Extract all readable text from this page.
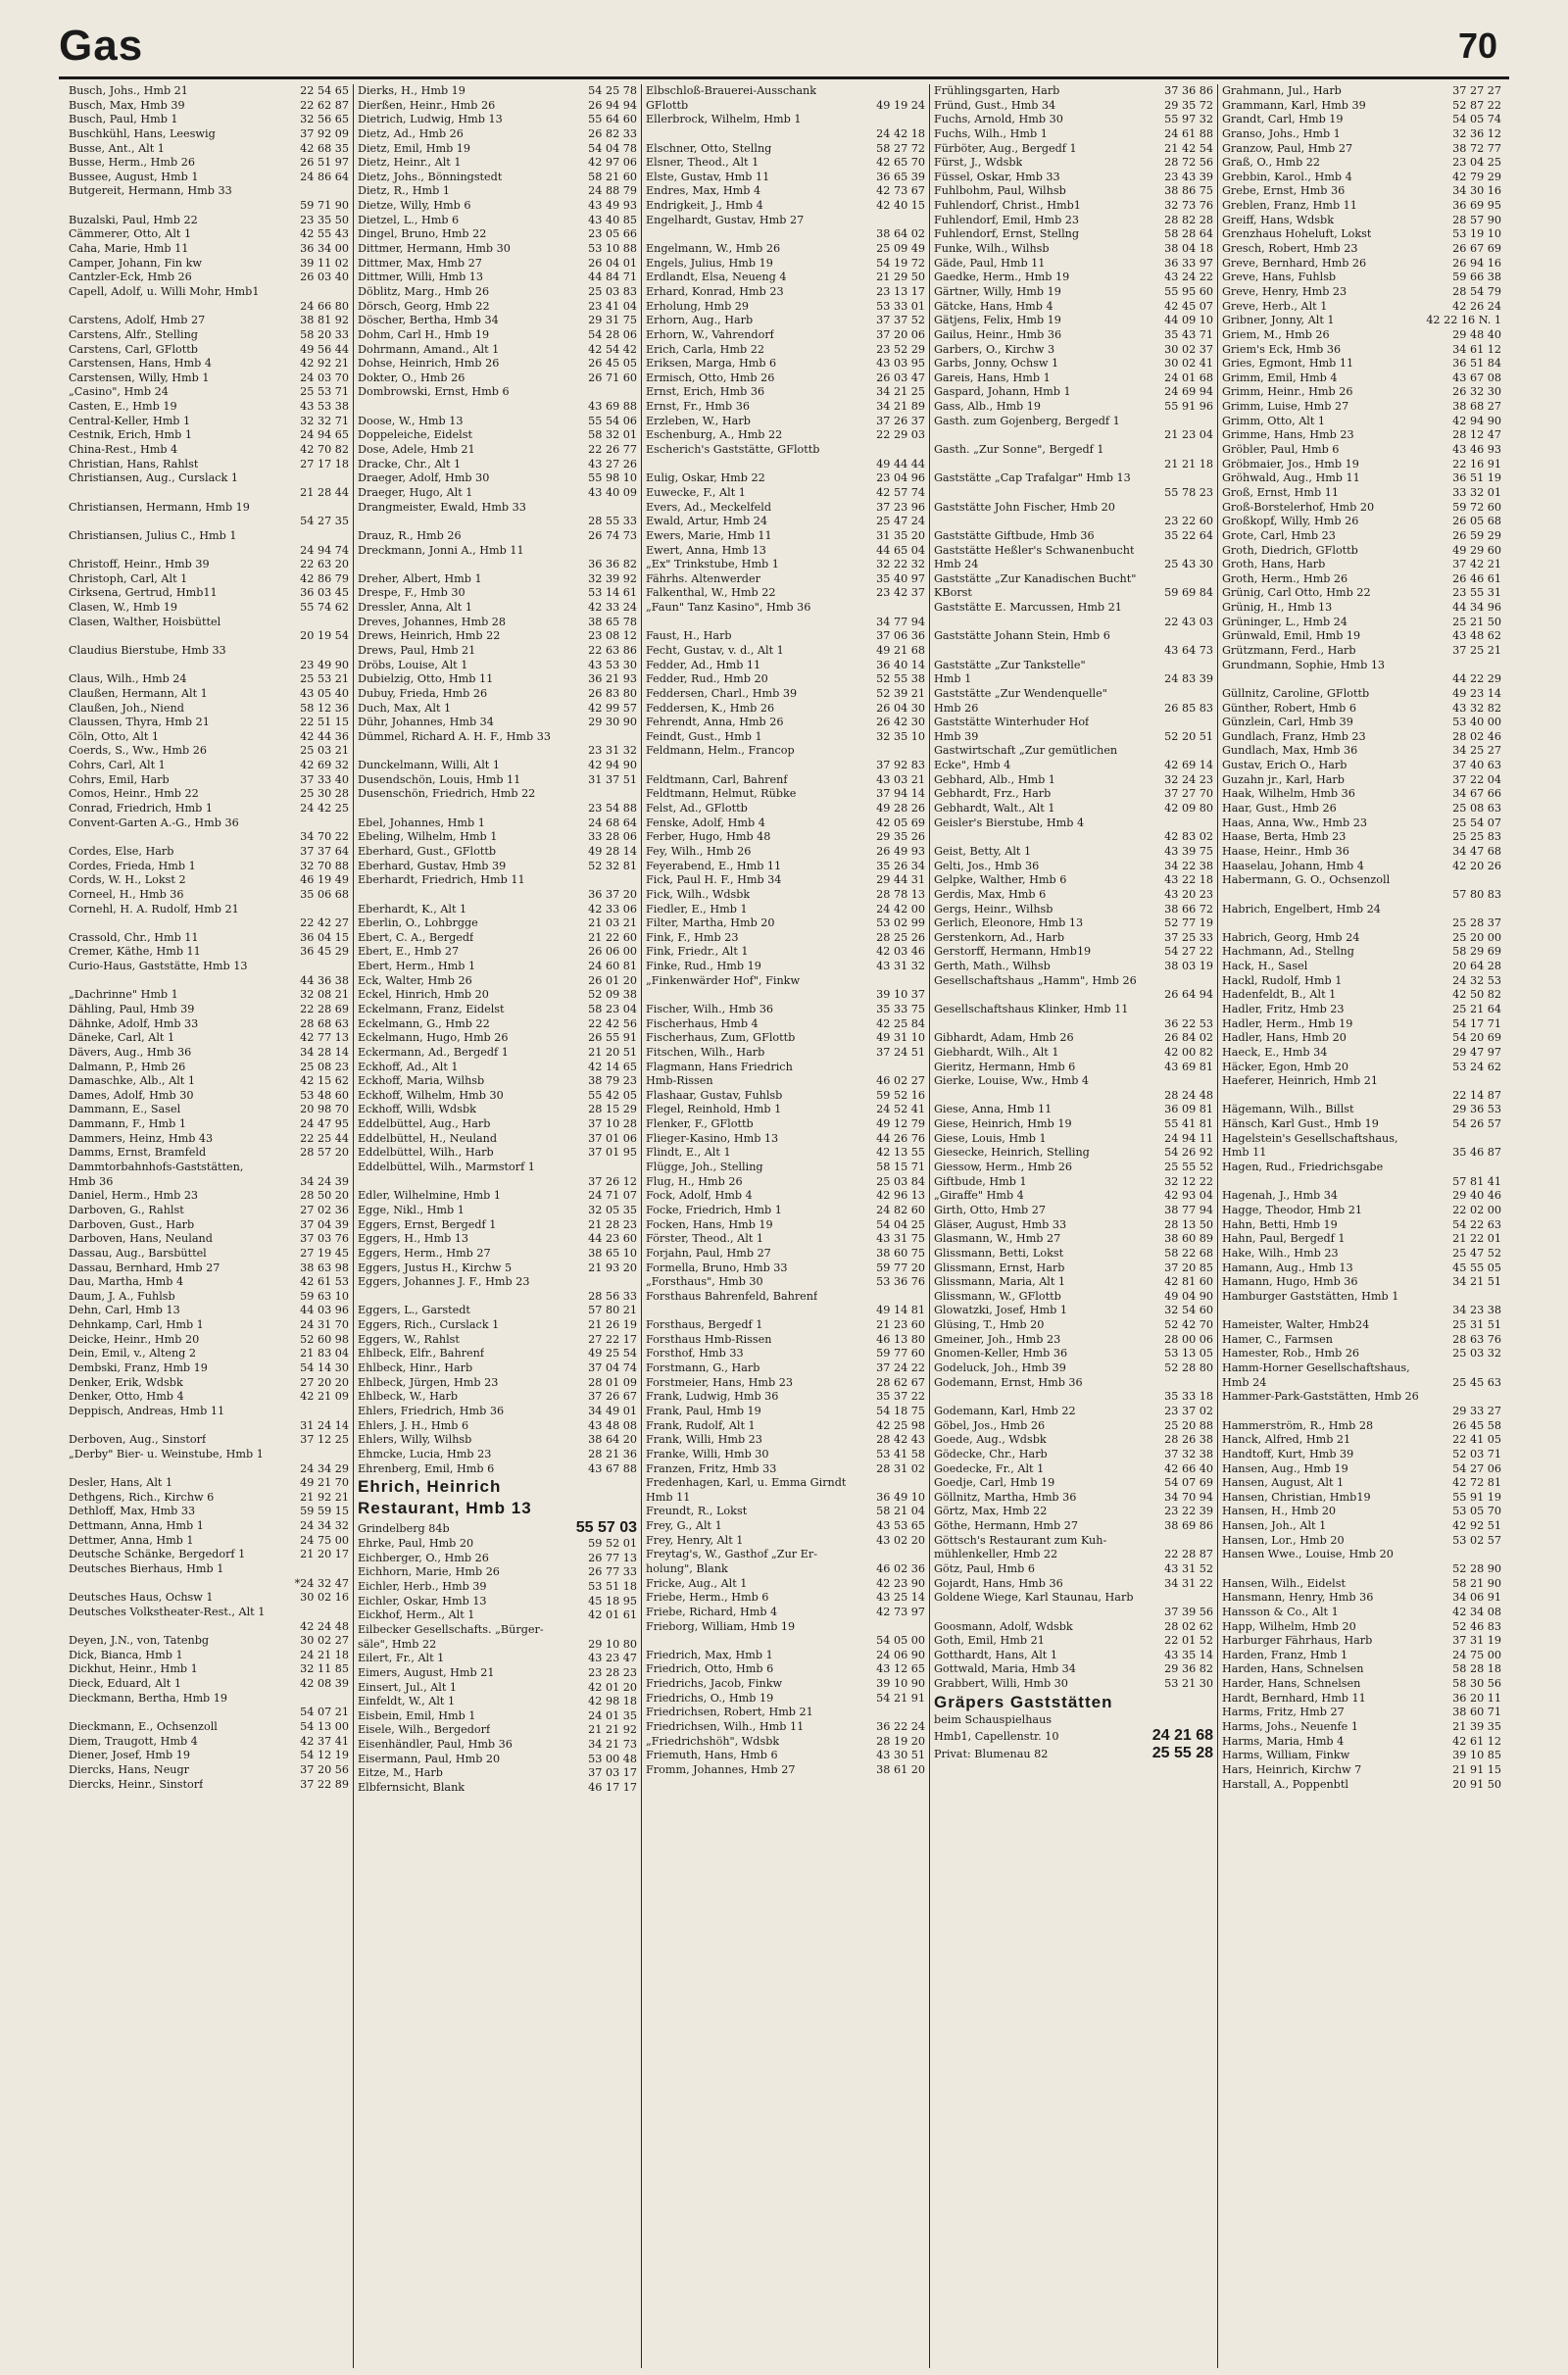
Gas	70
Busch, Johs., Hmb 21	22 54 65
Busch, Max, Hmb 39	22 62 87
Busch, Paul, Hmb 1	32 56 65
Buschkühl, Hans, Leeswig	37 92 09
Busse, Ant., Alt 1	42 68 35
Busse, Herm., Hmb 26	26 51 97
Bussee, August, Hmb 1	24 86 64
Butgereit, Hermann, Hmb 33
59 71 90
Buzalski, Paul, Hmb 22	23 35 50
Cämmerer, Otto, Alt 1	42 55 43
Caha, Marie, Hmb 11	36 34 00
Camper, Johann, Fin kw	39 11 02
Cantzler-Eck, Hmb 26	26 03 40
Capell, Adolf, u. Willi Mohr, Hmb1
24 66 80
Carstens, Adolf, Hmb 27	38 81 92
Carstens, Alfr., Stelling	58 20 33
Carstens, Carl, GFlottb	49 56 44
Carstensen, Hans, Hmb 4	42 92 21
Carstensen, Willy, Hmb 1	24 03 70
„Casino", Hmb 24	25 53 71
Casten, E., Hmb 19	43 53 38
Central-Keller, Hmb 1	32 32 71
Cestnik, Erich, Hmb 1	24 94 65
China-Rest., Hmb 4	42 70 82
Christian, Hans, Rahlst	27 17 18
Christiansen, Aug., Curslack 1
21 28 44
Christiansen, Hermann, Hmb 19
54 27 35
Christiansen, Julius C., Hmb 1
24 94 74
Christoff, Heinr., Hmb 39	22 63 20
Christoph, Carl, Alt 1	42 86 79
Cirksena, Gertrud, Hmb11	36 03 45
Clasen, W., Hmb 19	55 74 62
Clasen, Walther, Hoisbüttel
20 19 54
Claudius Bierstube, Hmb 33
23 49 90
Claus, Wilh., Hmb 24	25 53 21
Claußen, Hermann, Alt 1	43 05 40
Claußen, Joh., Niend	58 12 36
Claussen, Thyra, Hmb 21	22 51 15
Cöln, Otto, Alt 1	42 44 36
Coerds, S., Ww., Hmb 26	25 03 21
Cohrs, Carl, Alt 1	42 69 32
Cohrs, Emil, Harb	37 33 40
Comos, Heinr., Hmb 22	25 30 28
Conrad, Friedrich, Hmb 1	24 42 25
Convent-Garten A.-G., Hmb 36
34 70 22
Cordes, Else, Harb	37 37 64
Cordes, Frieda, Hmb 1	32 70 88
Cords, W. H., Lokst 2	46 19 49
Corneel, H., Hmb 36	35 06 68
Cornehl, H. A. Rudolf, Hmb 21
22 42 27
Crassold, Chr., Hmb 11	36 04 15
Cremer, Käthe, Hmb 11	36 45 29
Curio-Haus, Gaststätte, Hmb 13
44 36 38
„Dachrinne" Hmb 1	32 08 21
Dähling, Paul, Hmb 39	22 28 69
Dähnke, Adolf, Hmb 33	28 68 63
Däneke, Carl, Alt 1	42 77 13
Dävers, Aug., Hmb 36	34 28 14
Dalmann, P., Hmb 26	25 08 23
Damaschke, Alb., Alt 1	42 15 62
Dames, Adolf, Hmb 30	53 48 60
Dammann, E., Sasel	20 98 70
Dammann, F., Hmb 1	24 47 95
Dammers, Heinz, Hmb 43	22 25 44
Damms, Ernst, Bramfeld	28 57 20
Dammtorbahnhofs-Gaststätten,
Hmb 36	34 24 39
Daniel, Herm., Hmb 23	28 50 20
Darboven, G., Rahlst	27 02 36
Darboven, Gust., Harb	37 04 39
Darboven, Hans, Neuland	37 03 76
Dassau, Aug., Barsbüttel	27 19 45
Dassau, Bernhard, Hmb 27	38 63 98
Dau, Martha, Hmb 4	42 61 53
Daum, J. A., Fuhlsb	59 63 10
Dehn, Carl, Hmb 13	44 03 96
Dehnkamp, Carl, Hmb 1	24 31 70
Deicke, Heinr., Hmb 20	52 60 98
Dein, Emil, v., Alteng 2	21 83 04
Dembski, Franz, Hmb 19	54 14 30
Denker, Erik, Wdsbk	27 20 20
Denker, Otto, Hmb 4	42 21 09
Deppisch, Andreas, Hmb 11
31 24 14
Derboven, Aug., Sinstorf	37 12 25
„Derby" Bier- u. Weinstube, Hmb 1
24 34 29
Desler, Hans, Alt 1	49 21 70
Dethgens, Rich., Kirchw 6	21 92 21
Dethloff, Max, Hmb 33	59 59 15
Dettmann, Anna, Hmb 1	24 34 32
Dettmer, Anna, Hmb 1	24 75 00
Deutsche Schänke, Bergedorf 1	21 20 17
Deutsches Bierhaus, Hmb 1
*24 32 47
Deutsches Haus, Ochsw 1	30 02 16
Deutsches Volkstheater-Rest., Alt 1
42 24 48
Deyen, J.N., von, Tatenbg	30 02 27
Dick, Bianca, Hmb 1	24 21 18
Dickhut, Heinr., Hmb 1	32 11 85
Dieck, Eduard, Alt 1	42 08 39
Dieckmann, Bertha, Hmb 19
54 07 21
Dieckmann, E., Ochsenzoll	54 13 00
Diem, Traugott, Hmb 4	42 37 41
Diener, Josef, Hmb 19	54 12 19
Diercks, Hans, Neugr	37 20 56
Diercks, Heinr., Sinstorf	37 22 89
Dierks, H., Hmb 19	54 25 78
Dierßen, Heinr., Hmb 26	26 94 94
Dietrich, Ludwig, Hmb 13	55 64 60
Dietz, Ad., Hmb 26	26 82 33
Dietz, Emil, Hmb 19	54 04 78
Dietz, Heinr., Alt 1	42 97 06
Dietz, Johs., Bönningstedt	58 21 60
Dietz, R., Hmb 1	24 88 79
Dietze, Willy, Hmb 6	43 49 93
Dietzel, L., Hmb 6	43 40 85
Dingel, Bruno, Hmb 22	23 05 66
Dittmer, Hermann, Hmb 30	53 10 88
Dittmer, Max, Hmb 27	26 04 01
Dittmer, Willi, Hmb 13	44 84 71
Döblitz, Marg., Hmb 26	25 03 83
Dörsch, Georg, Hmb 22	23 41 04
Döscher, Bertha, Hmb 34	29 31 75
Dohm, Carl H., Hmb 19	54 28 06
Dohrmann, Amand., Alt 1	42 54 42
Dohse, Heinrich, Hmb 26	26 45 05
Dokter, O., Hmb 26	26 71 60
Dombrowski, Ernst, Hmb 6
43 69 88
Doose, W., Hmb 13	55 54 06
Doppeleiche, Eidelst	58 32 01
Dose, Adele, Hmb 21	22 26 77
Dracke, Chr., Alt 1	43 27 26
Draeger, Adolf, Hmb 30	55 98 10
Draeger, Hugo, Alt 1	43 40 09
Drangmeister, Ewald, Hmb 33
28 55 33
Drauz, R., Hmb 26	26 74 73
Dreckmann, Jonni A., Hmb 11
36 36 82
Dreher, Albert, Hmb 1	32 39 92
Drespe, F., Hmb 30	53 14 61
Dressler, Anna, Alt 1	42 33 24
Dreves, Johannes, Hmb 28	38 65 78
Drews, Heinrich, Hmb 22	23 08 12
Drews, Paul, Hmb 21	22 63 86
Dröbs, Louise, Alt 1	43 53 30
Dubielzig, Otto, Hmb 11	36 21 93
Dubuy, Frieda, Hmb 26	26 83 80
Duch, Max, Alt 1	42 99 57
Dühr, Johannes, Hmb 34	29 30 90
Dümmel, Richard A. H. F., Hmb 33
23 31 32
Dunckelmann, Willi, Alt 1	42 94 90
Dusendschön, Louis, Hmb 11	31 37 51
Dusenschön, Friedrich, Hmb 22
23 54 88
Ebel, Johannes, Hmb 1	24 68 64
Ebeling, Wilhelm, Hmb 1	33 28 06
Eberhard, Gust., GFlottb	49 28 14
Eberhard, Gustav, Hmb 39	52 32 81
Eberhardt, Friedrich, Hmb 11
36 37 20
Eberhardt, K., Alt 1	42 33 06
Eberlin, O., Lohbrgge	21 03 21
Ebert, C. A., Bergedf	21 22 60
Ebert, E., Hmb 27	26 06 00
Ebert, Herm., Hmb 1	24 60 81
Eck, Walter, Hmb 26	26 01 20
Eckel, Hinrich, Hmb 20	52 09 38
Eckelmann, Franz, Eidelst	58 23 04
Eckelmann, G., Hmb 22	22 42 56
Eckelmann, Hugo, Hmb 26	26 55 91
Eckermann, Ad., Bergedf 1	21 20 51
Eckhoff, Ad., Alt 1	42 14 65
Eckhoff, Maria, Wilhsb	38 79 23
Eckhoff, Wilhelm, Hmb 30	55 42 05
Eckhoff, Willi, Wdsbk	28 15 29
Eddelbüttel, Aug., Harb	37 10 28
Eddelbüttel, H., Neuland	37 01 06
Eddelbüttel, Wilh., Harb	37 01 95
Eddelbüttel, Wilh., Marmstorf 1
37 26 12
Edler, Wilhelmine, Hmb 1	24 71 07
Egge, Nikl., Hmb 1	32 05 35
Eggers, Ernst, Bergedf 1	21 28 23
Eggers, H., Hmb 13	44 23 60
Eggers, Herm., Hmb 27	38 65 10
Eggers, Justus H., Kirchw 5	21 93 20
Eggers, Johannes J. F., Hmb 23
28 56 33
Eggers, L., Garstedt	57 80 21
Eggers, Rich., Curslack 1	21 26 19
Eggers, W., Rahlst	27 22 17
Ehlbeck, Elfr., Bahrenf	49 25 54
Ehlbeck, Hinr., Harb	37 04 74
Ehlbeck, Jürgen, Hmb 23	28 01 09
Ehlbeck, W., Harb	37 26 67
Ehlers, Friedrich, Hmb 36	34 49 01
Ehlers, J. H., Hmb 6	43 48 08
Ehlers, Willy, Wilhsb	38 64 20
Ehmcke, Lucia, Hmb 23	28 21 36
Ehrenberg, Emil, Hmb 6	43 67 88
Ehrich, Heinrich
Restaurant, Hmb 13
Grindelberg 84b	55 57 03
Ehrke, Paul, Hmb 20	59 52 01
Eichberger, O., Hmb 26	26 77 13
Eichhorn, Marie, Hmb 26	26 77 33
Eichler, Herb., Hmb 39	53 51 18
Eichler, Oskar, Hmb 13	45 18 95
Eickhof, Herm., Alt 1	42 01 61
Eilbecker Gesellschafts. „Bürger-
säle", Hmb 22	29 10 80
Eilert, Fr., Alt 1	43 23 47
Eimers, August, Hmb 21	23 28 23
Einsert, Jul., Alt 1	42 01 20
Einfeldt, W., Alt 1	42 98 18
Eisbein, Emil, Hmb 1	24 01 35
Eisele, Wilh., Bergedorf	21 21 92
Eisenhändler, Paul, Hmb 36	34 21 73
Eisermann, Paul, Hmb 20	53 00 48
Eitze, M., Harb	37 03 17
Elbfernsicht, Blank	46 17 17
Elbschloß-Brauerei-Ausschank
GFlottb	49 19 24
Ellerbrock, Wilhelm, Hmb 1
24 42 18
Elschner, Otto, Stellng	58 27 72
Elsner, Theod., Alt 1	42 65 70
Elste, Gustav, Hmb 11	36 65 39
Endres, Max, Hmb 4	42 73 67
Endrigkeit, J., Hmb 4	42 40 15
Engelhardt, Gustav, Hmb 27
38 64 02
Engelmann, W., Hmb 26	25 09 49
Engels, Julius, Hmb 19	54 19 72
Erdlandt, Elsa, Neueng 4	21 29 50
Erhard, Konrad, Hmb 23	23 13 17
Erholung, Hmb 29	53 33 01
Erhorn, Aug., Harb	37 37 52
Erhorn, W., Vahrendorf	37 20 06
Erich, Carla, Hmb 22	23 52 29
Eriksen, Marga, Hmb 6	43 03 95
Ermisch, Otto, Hmb 26	26 03 47
Ernst, Erich, Hmb 36	34 21 25
Ernst, Fr., Hmb 36	34 21 89
Erzleben, W., Harb	37 26 37
Eschenburg, A., Hmb 22	22 29 03
Escherich's Gaststätte, GFlottb
49 44 44
Eulig, Oskar, Hmb 22	23 04 96
Euwecke, F., Alt 1	42 57 74
Evers, Ad., Meckelfeld	37 23 96
Ewald, Artur, Hmb 24	25 47 24
Ewers, Marie, Hmb 11	31 35 20
Ewert, Anna, Hmb 13	44 65 04
„Ex" Trinkstube, Hmb 1	32 22 32
Fährhs. Altenwerder	35 40 97
Falkenthal, W., Hmb 22	23 42 37
„Faun" Tanz Kasino", Hmb 36
34 77 94
Faust, H., Harb	37 06 36
Fecht, Gustav, v. d., Alt 1	49 21 68
Fedder, Ad., Hmb 11	36 40 14
Fedder, Rud., Hmb 20	52 55 38
Feddersen, Charl., Hmb 39	52 39 21
Feddersen, K., Hmb 26	26 04 30
Fehrendt, Anna, Hmb 26	26 42 30
Feindt, Gust., Hmb 1	32 35 10
Feldmann, Helm., Francop
37 92 83
Feldtmann, Carl, Bahrenf	43 03 21
Feldtmann, Helmut, Rübke	37 94 14
Felst, Ad., GFlottb	49 28 26
Fenske, Adolf, Hmb 4	42 05 69
Ferber, Hugo, Hmb 48	29 35 26
Fey, Wilh., Hmb 26	26 49 93
Feyerabend, E., Hmb 11	35 26 34
Fick, Paul H. F., Hmb 34	29 44 31
Fick, Wilh., Wdsbk	28 78 13
Fiedler, E., Hmb 1	24 42 00
Filter, Martha, Hmb 20	53 02 99
Fink, F., Hmb 23	28 25 26
Fink, Friedr., Alt 1	42 03 46
Finke, Rud., Hmb 19	43 31 32
„Finkenwärder Hof", Finkw
39 10 37
Fischer, Wilh., Hmb 36	35 33 75
Fischerhaus, Hmb 4	42 25 84
Fischerhaus, Zum, GFlottb	49 31 10
Fitschen, Wilh., Harb	37 24 51
Flagmann, Hans Friedrich
Hmb-Rissen	46 02 27
Flashaar, Gustav, Fuhlsb	59 52 16
Flegel, Reinhold, Hmb 1	24 52 41
Flenker, F., GFlottb	49 12 79
Flieger-Kasino, Hmb 13	44 26 76
Flindt, E., Alt 1	42 13 55
Flügge, Joh., Stelling	58 15 71
Flug, H., Hmb 26	25 03 84
Fock, Adolf, Hmb 4	42 96 13
Focke, Friedrich, Hmb 1	24 82 60
Focken, Hans, Hmb 19	54 04 25
Förster, Theod., Alt 1	43 31 75
Forjahn, Paul, Hmb 27	38 60 75
Formella, Bruno, Hmb 33	59 77 20
„Forsthaus", Hmb 30	53 36 76
Forsthaus Bahrenfeld, Bahrenf
49 14 81
Forsthaus, Bergedf 1	21 23 60
Forsthaus Hmb-Rissen	46 13 80
Forsthof, Hmb 33	59 77 60
Forstmann, G., Harb	37 24 22
Forstmeier, Hans, Hmb 23	28 62 67
Frank, Ludwig, Hmb 36	35 37 22
Frank, Paul, Hmb 19	54 18 75
Frank, Rudolf, Alt 1	42 25 98
Frank, Willi, Hmb 23	28 42 43
Franke, Willi, Hmb 30	53 41 58
Franzen, Fritz, Hmb 33	28 31 02
Fredenhagen, Karl, u. Emma Girndt
Hmb 11	36 49 10
Freundt, R., Lokst	58 21 04
Frey, G., Alt 1	43 53 65
Frey, Henry, Alt 1	43 02 20
Freytag's, W., Gasthof „Zur Er-
holung", Blank	46 02 36
Fricke, Aug., Alt 1	42 23 90
Friebe, Herm., Hmb 6	43 25 14
Friebe, Richard, Hmb 4	42 73 97
Frieborg, William, Hmb 19
54 05 00
Friedrich, Max, Hmb 1	24 06 90
Friedrich, Otto, Hmb 6	43 12 65
Friedrichs, Jacob, Finkw	39 10 90
Friedrichs, O., Hmb 19	54 21 91
Friedrichsen, Robert, Hmb 21
Friedrichsen, Wilh., Hmb 11	36 22 24
„Friedrichshöh", Wdsbk	28 19 20
Friemuth, Hans, Hmb 6	43 30 51
Fromm, Johannes, Hmb 27	38 61 20
Frühlingsgarten, Harb	37 36 86
Fründ, Gust., Hmb 34	29 35 72
Fuchs, Arnold, Hmb 30	55 97 32
Fuchs, Wilh., Hmb 1	24 61 88
Fürböter, Aug., Bergedf 1	21 42 54
Fürst, J., Wdsbk	28 72 56
Füssel, Oskar, Hmb 33	23 43 39
Fuhlbohm, Paul, Wilhsb	38 86 75
Fuhlendorf, Christ., Hmb1	32 73 76
Fuhlendorf, Emil, Hmb 23	28 82 28
Fuhlendorf, Ernst, Stellng	58 28 64
Funke, Wilh., Wilhsb	38 04 18
Gäde, Paul, Hmb 11	36 33 97
Gaedke, Herm., Hmb 19	43 24 22
Gärtner, Willy, Hmb 19	55 95 60
Gätcke, Hans, Hmb 4	42 45 07
Gätjens, Felix, Hmb 19	44 09 10
Gailus, Heinr., Hmb 36	35 43 71
Garbers, O., Kirchw 3	30 02 37
Garbs, Jonny, Ochsw 1	30 02 41
Gareis, Hans, Hmb 1	24 01 68
Gaspard, Johann, Hmb 1	24 69 94
Gass, Alb., Hmb 19	55 91 96
Gasth. zum Gojenberg, Bergedf 1
21 23 04
Gasth. „Zur Sonne", Bergedf 1
21 21 18
Gaststätte „Cap Trafalgar" Hmb 13
55 78 23
Gaststätte John Fischer, Hmb 20
23 22 60
Gaststätte Giftbude, Hmb 36	35 22 64
Gaststätte Heßler's Schwanenbucht
Hmb 24	25 43 30
Gaststätte „Zur Kanadischen Bucht"
KBorst	59 69 84
Gaststätte E. Marcussen, Hmb 21
22 43 03
Gaststätte Johann Stein, Hmb 6
43 64 73
Gaststätte „Zur Tankstelle"
Hmb 1	24 83 39
Gaststätte „Zur Wendenquelle"
Hmb 26	26 85 83
Gaststätte Winterhuder Hof
Hmb 39	52 20 51
Gastwirtschaft „Zur gemütlichen
Ecke", Hmb 4	42 69 14
Gebhard, Alb., Hmb 1	32 24 23
Gebhardt, Frz., Harb	37 27 70
Gebhardt, Walt., Alt 1	42 09 80
Geisler's Bierstube, Hmb 4
42 83 02
Geist, Betty, Alt 1	43 39 75
Gelti, Jos., Hmb 36	34 22 38
Gelpke, Walther, Hmb 6	43 22 18
Gerdis, Max, Hmb 6	43 20 23
Gergs, Heinr., Wilhsb	38 66 72
Gerlich, Eleonore, Hmb 13	52 77 19
Gerstenkorn, Ad., Harb	37 25 33
Gerstorff, Hermann, Hmb19	54 27 22
Gerth, Math., Wilhsb	38 03 19
Gesellschaftshaus „Hamm", Hmb 26
26 64 94
Gesellschaftshaus Klinker, Hmb 11
36 22 53
Gibhardt, Adam, Hmb 26	26 84 02
Giebhardt, Wilh., Alt 1	42 00 82
Gieritz, Hermann, Hmb 6	43 69 81
Gierke, Louise, Ww., Hmb 4
28 24 48
Giese, Anna, Hmb 11	36 09 81
Giese, Heinrich, Hmb 19	55 41 81
Giese, Louis, Hmb 1	24 94 11
Giesecke, Heinrich, Stelling	54 26 92
Giessow, Herm., Hmb 26	25 55 52
Giftbude, Hmb 1	32 12 22
„Giraffe" Hmb 4	42 93 04
Girth, Otto, Hmb 27	38 77 94
Gläser, August, Hmb 33	28 13 50
Glasmann, W., Hmb 27	38 60 89
Glissmann, Betti, Lokst	58 22 68
Glissmann, Ernst, Harb	37 20 85
Glissmann, Maria, Alt 1	42 81 60
Glissmann, W., GFlottb	49 04 90
Glowatzki, Josef, Hmb 1	32 54 60
Glüsing, T., Hmb 20	52 42 70
Gmeiner, Joh., Hmb 23	28 00 06
Gnomen-Keller, Hmb 36	53 13 05
Godeluck, Joh., Hmb 39	52 28 80
Godemann, Ernst, Hmb 36
35 33 18
Godemann, Karl, Hmb 22	23 37 02
Göbel, Jos., Hmb 26	25 20 88
Goede, Aug., Wdsbk	28 26 38
Gödecke, Chr., Harb	37 32 38
Goedecke, Fr., Alt 1	42 66 40
Goedje, Carl, Hmb 19	54 07 69
Göllnitz, Martha, Hmb 36	34 70 94
Görtz, Max, Hmb 22	23 22 39
Göthe, Hermann, Hmb 27	38 69 86
Göttsch's Restaurant zum Kuh-
mühlenkeller, Hmb 22	22 28 87
Götz, Paul, Hmb 6	43 31 52
Gojardt, Hans, Hmb 36	34 31 22
Goldene Wiege, Karl Staunau, Harb
37 39 56
Goosmann, Adolf, Wdsbk	28 02 62
Goth, Emil, Hmb 21	22 01 52
Gotthardt, Hans, Alt 1	43 35 14
Gottwald, Maria, Hmb 34	29 36 82
Grabbert, Willi, Hmb 30	53 21 30
Gräpers Gaststätten
beim Schauspielhaus
Hmb1, Capellenstr. 10	24 21 68
Privat: Blumenau 82	25 55 28
Grahmann, Jul., Harb	37 27 27
Grammann, Karl, Hmb 39	52 87 22
Grandt, Carl, Hmb 19	54 05 74
Granso, Johs., Hmb 1	32 36 12
Granzow, Paul, Hmb 27	38 72 77
Graß, O., Hmb 22	23 04 25
Grebbin, Karol., Hmb 4	42 79 29
Grebe, Ernst, Hmb 36	34 30 16
Greblen, Franz, Hmb 11	36 69 95
Greiff, Hans, Wdsbk	28 57 90
Grenzhaus Hoheluft, Lokst	53 19 10
Gresch, Robert, Hmb 23	26 67 69
Greve, Bernhard, Hmb 26	26 94 16
Greve, Hans, Fuhlsb	59 66 38
Greve, Henry, Hmb 23	28 54 79
Greve, Herb., Alt 1	42 26 24
Gribner, Jonny, Alt 1	42 22 16 N. 1
Griem, M., Hmb 26	29 48 40
Griem's Eck, Hmb 36	34 61 12
Gries, Egmont, Hmb 11	36 51 84
Grimm, Emil, Hmb 4	43 67 08
Grimm, Heinr., Hmb 26	26 32 30
Grimm, Luise, Hmb 27	38 68 27
Grimm, Otto, Alt 1	42 94 90
Grimme, Hans, Hmb 23	28 12 47
Gröbler, Paul, Hmb 6	43 46 93
Gröbmaier, Jos., Hmb 19	22 16 91
Gröhwald, Aug., Hmb 11	36 51 19
Groß, Ernst, Hmb 11	33 32 01
Groß-Borstelerhof, Hmb 20	59 72 60
Großkopf, Willy, Hmb 26	26 05 68
Grote, Carl, Hmb 23	26 59 29
Groth, Diedrich, GFlottb	49 29 60
Groth, Hans, Harb	37 42 21
Groth, Herm., Hmb 26	26 46 61
Grünig, Carl Otto, Hmb 22	23 55 31
Grünig, H., Hmb 13	44 34 96
Grüninger, L., Hmb 24	25 21 50
Grünwald, Emil, Hmb 19	43 48 62
Grützmann, Ferd., Harb	37 25 21
Grundmann, Sophie, Hmb 13
44 22 29
Güllnitz, Caroline, GFlottb	49 23 14
Günther, Robert, Hmb 6	43 32 82
Günzlein, Carl, Hmb 39	53 40 00
Gundlach, Franz, Hmb 23	28 02 46
Gundlach, Max, Hmb 36	34 25 27
Gustav, Erich O., Harb	37 40 63
Guzahn jr., Karl, Harb	37 22 04
Haak, Wilhelm, Hmb 36	34 67 66
Haar, Gust., Hmb 26	25 08 63
Haas, Anna, Ww., Hmb 23	25 54 07
Haase, Berta, Hmb 23	25 25 83
Haase, Heinr., Hmb 36	34 47 68
Haaselau, Johann, Hmb 4	42 20 26
Habermann, G. O., Ochsenzoll
57 80 83
Habrich, Engelbert, Hmb 24
25 28 37
Habrich, Georg, Hmb 24	25 20 00
Hachmann, Ad., Stellng	58 29 69
Hack, H., Sasel	20 64 28
Hackl, Rudolf, Hmb 1	24 32 53
Hadenfeldt, B., Alt 1	42 50 82
Hadler, Fritz, Hmb 23	25 21 64
Hadler, Herm., Hmb 19	54 17 71
Hadler, Hans, Hmb 20	54 20 69
Haeck, E., Hmb 34	29 47 97
Häcker, Egon, Hmb 20	53 24 62
Haeferer, Heinrich, Hmb 21
22 14 87
Hägemann, Wilh., Billst	29 36 53
Hänsch, Karl Gust., Hmb 19	54 26 57
Hagelstein's Gesellschaftshaus,
Hmb 11	35 46 87
Hagen, Rud., Friedrichsgabe
57 81 41
Hagenah, J., Hmb 34	29 40 46
Hagge, Theodor, Hmb 21	22 02 00
Hahn, Betti, Hmb 19	54 22 63
Hahn, Paul, Bergedf 1	21 22 01
Hake, Wilh., Hmb 23	25 47 52
Hamann, Aug., Hmb 13	45 55 05
Hamann, Hugo, Hmb 36	34 21 51
Hamburger Gaststätten, Hmb 1
34 23 38
Hameister, Walter, Hmb24	25 31 51
Hamer, C., Farmsen	28 63 76
Hamester, Rob., Hmb 26	25 03 32
Hamm-Horner Gesellschaftshaus,
Hmb 24	25 45 63
Hammer-Park-Gaststätten, Hmb 26
29 33 27
Hammerström, R., Hmb 28	26 45 58
Hanck, Alfred, Hmb 21	22 41 05
Handtoff, Kurt, Hmb 39	52 03 71
Hansen, Aug., Hmb 19	54 27 06
Hansen, August, Alt 1	42 72 81
Hansen, Christian, Hmb19	55 91 19
Hansen, H., Hmb 20	53 05 70
Hansen, Joh., Alt 1	42 92 51
Hansen, Lor., Hmb 20	53 02 57
Hansen Wwe., Louise, Hmb 20
52 28 90
Hansen, Wilh., Eidelst	58 21 90
Hansmann, Henry, Hmb 36	34 06 91
Hansson & Co., Alt 1	42 34 08
Happ, Wilhelm, Hmb 20	52 46 83
Harburger Fährhaus, Harb	37 31 19
Harden, Franz, Hmb 1	24 75 00
Harden, Hans, Schnelsen	58 28 18
Harder, Hans, Schnelsen	58 30 56
Hardt, Bernhard, Hmb 11	36 20 11
Harms, Fritz, Hmb 27	38 60 71
Harms, Johs., Neuenfe 1	21 39 35
Harms, Maria, Hmb 4	42 61 12
Harms, William, Finkw	39 10 85
Hars, Heinrich, Kirchw 7	21 91 15
Harstall, A., Poppenbtl	20 91 50
